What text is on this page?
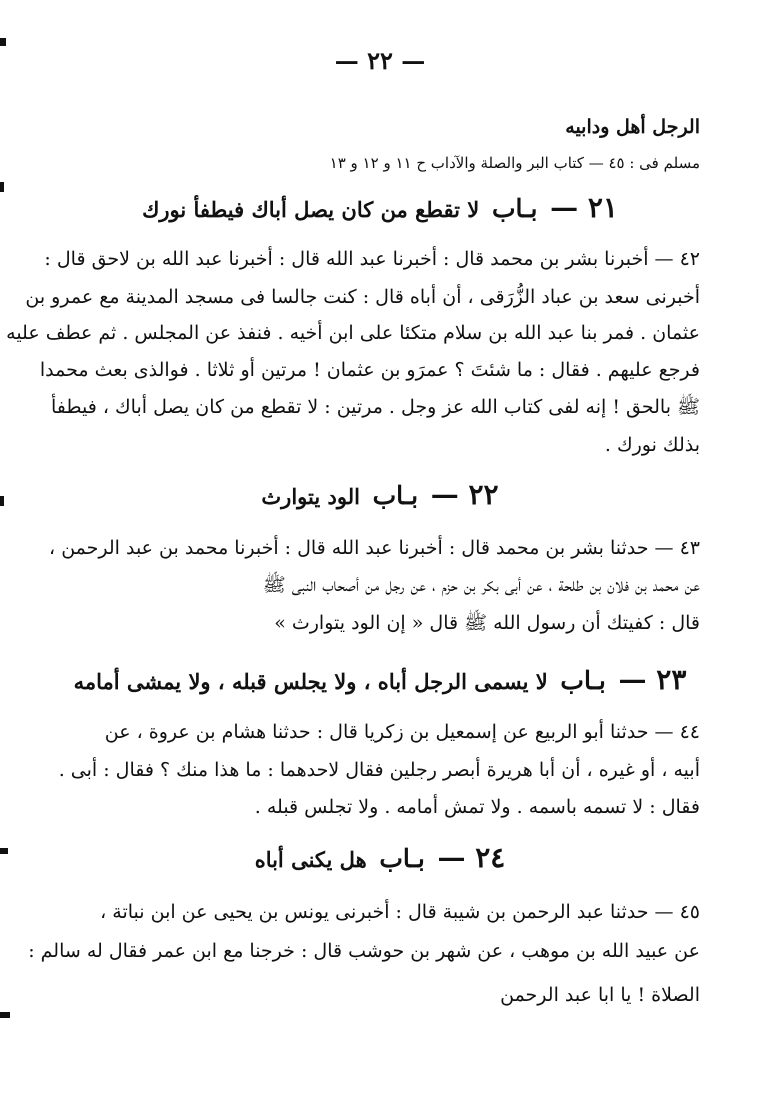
— ٢٢ —
الرجل أهل ودابيه
مسلم فى : ٤٥ — كتاب البر والصلة والآداب ح ١١ و ١٢ و ١٣
٢١ — بـاب لا تقطع من كان يصل أباك فيطفأ نورك
٤٢ — أخبرنا بشر بن محمد قال : أخبرنا عبد الله قال : أخبرنا عبد الله بن لاحق قال :
أخبرنى سعد بن عباد الزُّرَقى ، أن أباه قال : كنت جالسا فى مسجد المدينة مع عمرو بن
عثمان . فمر بنا عبد الله بن سلام متكئا على ابن أخيه . فنفذ عن المجلس . ثم عطف عليه
فرجع عليهم . فقال : ما شئتَ ؟ عمرَو بن عثمان ! مرتين أو ثلاثا . فوالذى بعث محمدا
ﷺ بالحق ! إنه لفى كتاب الله عز وجل . مرتين : لا تقطع من كان يصل أباك ، فيطفأ
بذلك نورك .
٢٢ — بـاب الود يتوارث
٤٣ — حدثنا بشر بن محمد قال : أخبرنا عبد الله قال : أخبرنا محمد بن عبد الرحمن ،
عن محمد بن فلان بن طلحة ، عن أبى بكر بن حزم ، عن رجل من أصحاب النبى ﷺ
قال : كفيتك أن رسول الله ﷺ قال « إن الود يتوارث »
٢٣ — بـاب لا يسمى الرجل أباه ، ولا يجلس قبله ، ولا يمشى أمامه
٤٤ — حدثنا أبو الربيع عن إسمعيل بن زكريا قال : حدثنا هشام بن عروة ، عن
أبيه ، أو غيره ، أن أبا هريرة أبصر رجلين فقال لاحدهما : ما هذا منك ؟ فقال : أبى .
فقال : لا تسمه باسمه . ولا تمش أمامه . ولا تجلس قبله .
٢٤ — بـاب هل يكنى أباه
٤٥ — حدثنا عبد الرحمن بن شيبة قال : أخبرنى يونس بن يحيى عن ابن نباتة ،
عن عبيد الله بن موهب ، عن شهر بن حوشب قال : خرجنا مع ابن عمر فقال له سالم :
الصلاة ! يا ابا عبد الرحمن
